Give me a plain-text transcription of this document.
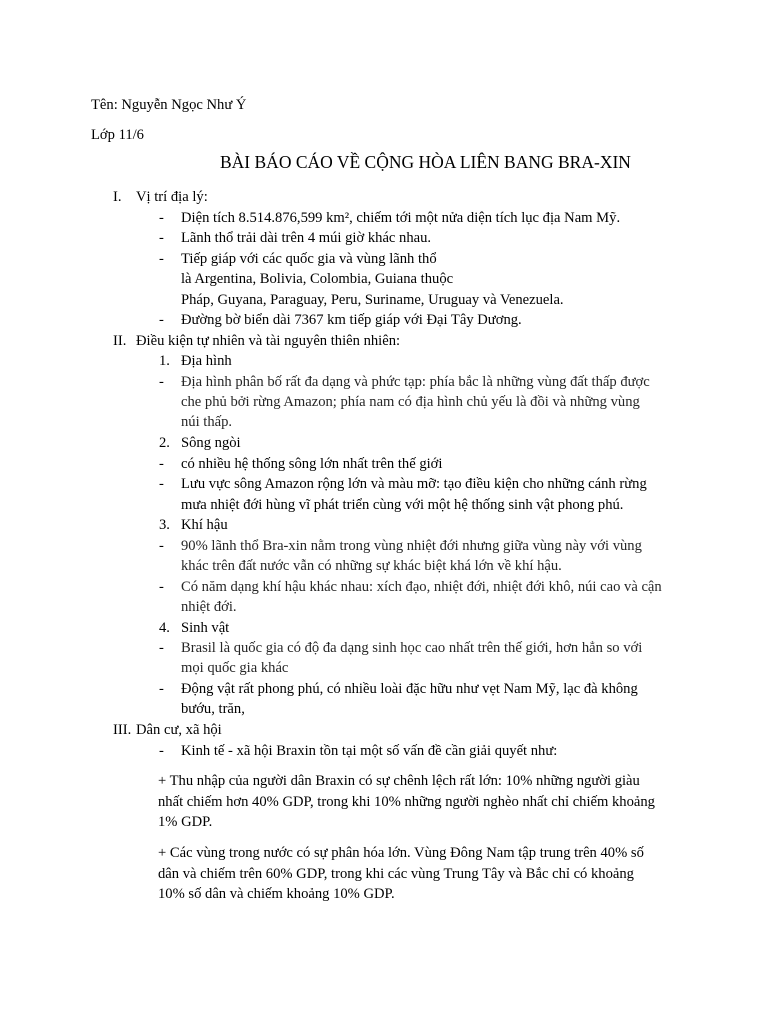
Tên: Nguyễn Ngọc Như Ý
Lớp 11/6
BÀI BÁO CÁO VỀ CỘNG HÒA LIÊN BANG BRA-XIN
I. Vị trí địa lý:
- Diện tích 8.514.876,599 km², chiếm tới một nửa diện tích lục địa Nam Mỹ.
- Lãnh thổ trải dài trên 4 múi giờ khác nhau.
- Tiếp giáp với các quốc gia và vùng lãnh thổ
là Argentina, Bolivia, Colombia, Guiana thuộc
Pháp, Guyana, Paraguay, Peru, Suriname, Uruguay và Venezuela.
- Đường bờ biển dài 7367 km tiếp giáp với Đại Tây Dương.
II. Điều kiện tự nhiên và tài nguyên thiên nhiên:
1. Địa hình
- Địa hình phân bố rất đa dạng và phức tạp: phía bắc là những vùng đất thấp được
che phủ bởi rừng Amazon; phía nam có địa hình chủ yếu là đồi và những vùng
núi thấp.
2. Sông ngòi
- có nhiều hệ thống sông lớn nhất trên thế giới
- Lưu vực sông Amazon rộng lớn và màu mỡ: tạo điều kiện cho những cánh rừng
mưa nhiệt đới hùng vĩ phát triển cùng với một hệ thống sinh vật phong phú.
3. Khí hậu
- 90% lãnh thổ Bra-xin nằm trong vùng nhiệt đới nhưng giữa vùng này với vùng
khác trên đất nước vẫn có những sự khác biệt khá lớn về khí hậu.
- Có năm dạng khí hậu khác nhau: xích đạo, nhiệt đới, nhiệt đới khô, núi cao và cận
nhiệt đới.
4. Sinh vật
- Brasil là quốc gia có độ đa dạng sinh học cao nhất trên thế giới, hơn hẳn so với
mọi quốc gia khác
- Động vật rất phong phú, có nhiều loài đặc hữu như vẹt Nam Mỹ, lạc đà không
bướu, trăn,
III. Dân cư, xã hội
- Kinh tế - xã hội Braxin tồn tại một số vấn đề cần giải quyết như:
+ Thu nhập của người dân Braxin có sự chênh lệch rất lớn: 10% những người giàu
nhất chiếm hơn 40% GDP, trong khi 10% những người nghèo nhất chỉ chiếm khoảng
1% GDP.
+ Các vùng trong nước có sự phân hóa lớn. Vùng Đông Nam tập trung trên 40% số
dân và chiếm trên 60% GDP, trong khi các vùng Trung Tây và Bắc chỉ có khoảng
10% số dân và chiếm khoảng 10% GDP.
